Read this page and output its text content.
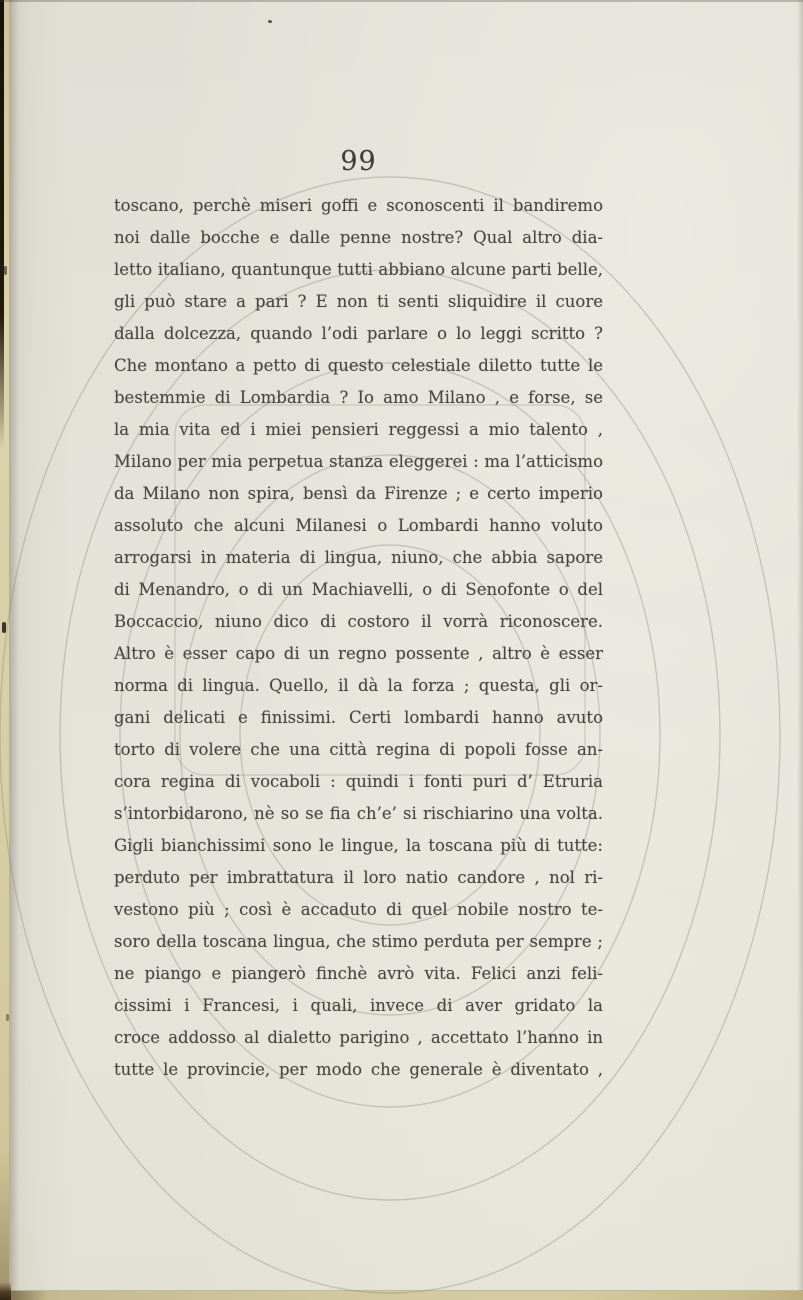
99
toscano, perchè miseri goffi e sconoscenti il bandiremo
noi dalle bocche e dalle penne nostre? Qual altro dia-
letto italiano, quantunque tutti abbiano alcune parti belle,
gli può stare a pari ? E non ti senti sliquidire il cuore
dalla dolcezza, quando l’odi parlare o lo leggi scritto ?
Che montano a petto di questo celestiale diletto tutte le
bestemmie di Lombardia ? Io amo Milano , e forse, se
la mia vita ed i miei pensieri reggessi a mio talento ,
Milano per mia perpetua stanza eleggerei : ma l’atticismo
da Milano non spira, bensì da Firenze ; e certo imperio
assoluto che alcuni Milanesi o Lombardi hanno voluto
arrogarsi in materia di lingua, niuno, che abbia sapore
di Menandro, o di un Machiavelli, o di Senofonte o del
Boccaccio, niuno dico di costoro il vorrà riconoscere.
Altro è esser capo di un regno possente , altro è esser
norma di lingua. Quello, il dà la forza ; questa, gli or-
gani delicati e finissimi. Certi lombardi hanno avuto
torto di volere che una città regina di popoli fosse an-
cora regina di vocaboli : quindi i fonti puri d’ Etruria
s’intorbidarono, nè so se fia ch’e’ si rischiarino una volta.
Gigli bianchissimi sono le lingue, la toscana più di tutte:
perduto per imbrattatura il loro natio candore , nol ri-
vestono più ; così è accaduto di quel nobile nostro te-
soro della toscana lingua, che stimo perduta per sempre ;
ne piango e piangerò finchè avrò vita. Felici anzi feli-
cissimi i Francesi, i quali, invece di aver gridato la
croce addosso al dialetto parigino , accettato l’hanno in
tutte le provincie, per modo che generale è diventato ,
